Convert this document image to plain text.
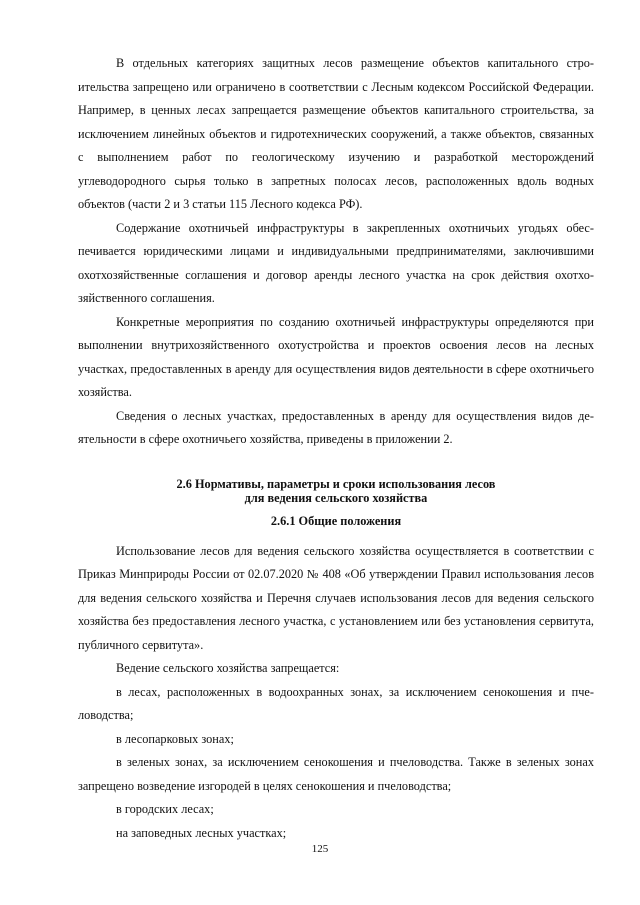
В отдельных категориях защитных лесов размещение объектов капитального строительства запрещено или ограничено в соответствии с Лесным кодексом Российской Федерации. Например, в ценных лесах запрещается размещение объектов капитального строительства, за исключением линейных объектов и гидротехнических сооружений, а также объектов, связанных с выполнением работ по геологическому изучению и разработкой месторождений углеводородного сырья только в запретных полосах лесов, расположенных вдоль водных объектов (части 2 и 3 статьи 115 Лесного кодекса РФ).

Содержание охотничьей инфраструктуры в закрепленных охотничьих угодьях обеспечивается юридическими лицами и индивидуальными предпринимателями, заключившими охотхозяйственные соглашения и договор аренды лесного участка на срок действия охотхозяйственного соглашения.

Конкретные мероприятия по созданию охотничьей инфраструктуры определяются при выполнении внутрихозяйственного охотустройства и проектов освоения лесов на лесных участках, предоставленных в аренду для осуществления видов деятельности в сфере охотничьего хозяйства.

Сведения о лесных участках, предоставленных в аренду для осуществления видов деятельности в сфере охотничьего хозяйства, приведены в приложении 2.

2.6 Нормативы, параметры и сроки использования лесов
для ведения сельского хозяйства
2.6.1 Общие положения

Использование лесов для ведения сельского хозяйства осуществляется в соответствии с Приказ Минприроды России от 02.07.2020 № 408 «Об утверждении Правил использования лесов для ведения сельского хозяйства и Перечня случаев использования лесов для ведения сельского хозяйства без предоставления лесного участка, с установлением или без установления сервитута, публичного сервитута».

Ведение сельского хозяйства запрещается:

в лесах, расположенных в водоохранных зонах, за исключением сенокошения и пчеловодства;

в лесопарковых зонах;

в зеленых зонах, за исключением сенокошения и пчеловодства. Также в зеленых зонах запрещено возведение изгородей в целях сенокошения и пчеловодства;

в городских лесах;

на заповедных лесных участках;

125
